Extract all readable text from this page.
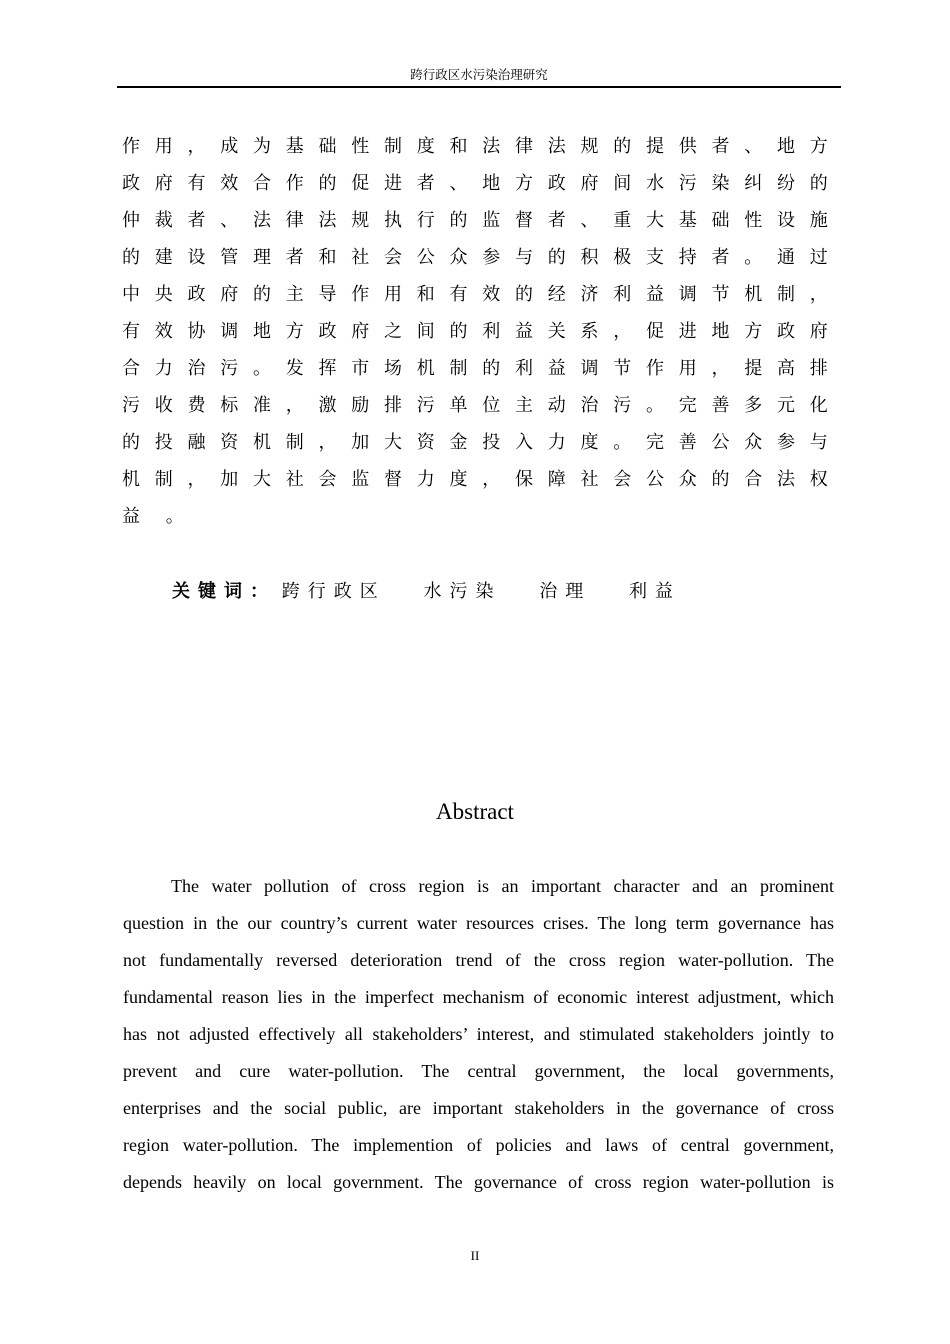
跨行政区水污染治理研究
作 用 ， 成 为 基 础 性 制 度 和 法 律 法 规 的 提 供 者 、 地 方
政 府 有 效 合 作 的 促 进 者 、 地 方 政 府 间 水 污 染 纠 纷 的
仲 裁 者 、 法 律 法 规 执 行 的 监 督 者 、 重 大 基 础 性 设 施
的 建 设 管 理 者 和 社 会 公 众 参 与 的 积 极 支 持 者 。 通 过
中 央 政 府 的 主 导 作 用 和 有 效 的 经 济 利 益 调 节 机 制 ，
有 效 协 调 地 方 政 府 之 间 的 利 益 关 系 ， 促 进 地 方 政 府
合 力 治 污 。 发 挥 市 场 机 制 的 利 益 调 节 作 用 ， 提 高 排
污 收 费 标 准 ， 激 励 排 污 单 位 主 动 治 污 。 完 善 多 元 化
的 投 融 资 机 制 ， 加 大 资 金 投 入 力 度 。 完 善 公 众 参 与
机 制 ， 加 大 社 会 监 督 力 度 ， 保 障 社 会 公 众 的 合 法 权
益 。
关键词： 跨行政区 水污染 治理 利益
Abstract
The water pollution of cross region is an important character and an prominent
question in the our country’s current water resources crises. The long term governance has
not fundamentally reversed deterioration trend of the cross region water-pollution. The
fundamental reason lies in the imperfect mechanism of economic interest adjustment, which
has not adjusted effectively all stakeholders’ interest, and stimulated stakeholders jointly to
prevent and cure water-pollution. The central government, the local governments,
enterprises and the social public, are important stakeholders in the governance of cross
region water-pollution. The implemention of policies and laws of central government,
depends heavily on local government. The governance of cross region water-pollution is
II
